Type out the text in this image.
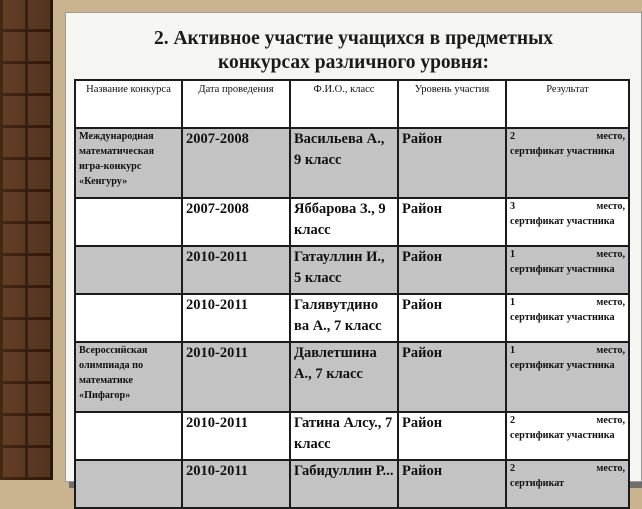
2. Активное участие учащихся в предметных
конкурсах различного уровня:
Название конкурса	Дата проведения	Ф.И.О., класс	Уровень участия	Результат
Международная математическая игра-конкурс «Кенгуру»	2007-2008	Васильева А., 9 класс	Район	2 место,
сертификат участника

	2007-2008	Яббарова З., 9 класс	Район	3 место,
сертификат участника

	2010-2011	Гатауллин И., 5 класс	Район	1 место,
сертификат участника

	2010-2011	Галявутдино ва А., 7 класс	Район	1 место,
сертификат участника

Всероссийская олимпиада по математике «Пифагор»	2010-2011	Давлетшина А., 7 класс	Район	1 место,
сертификат участника

	2010-2011	Гатина Алсу., 7 класс	Район	2 место,
сертификат участника

	2010-2011	Габидуллин Р...	Район	2 место,
сертификат
